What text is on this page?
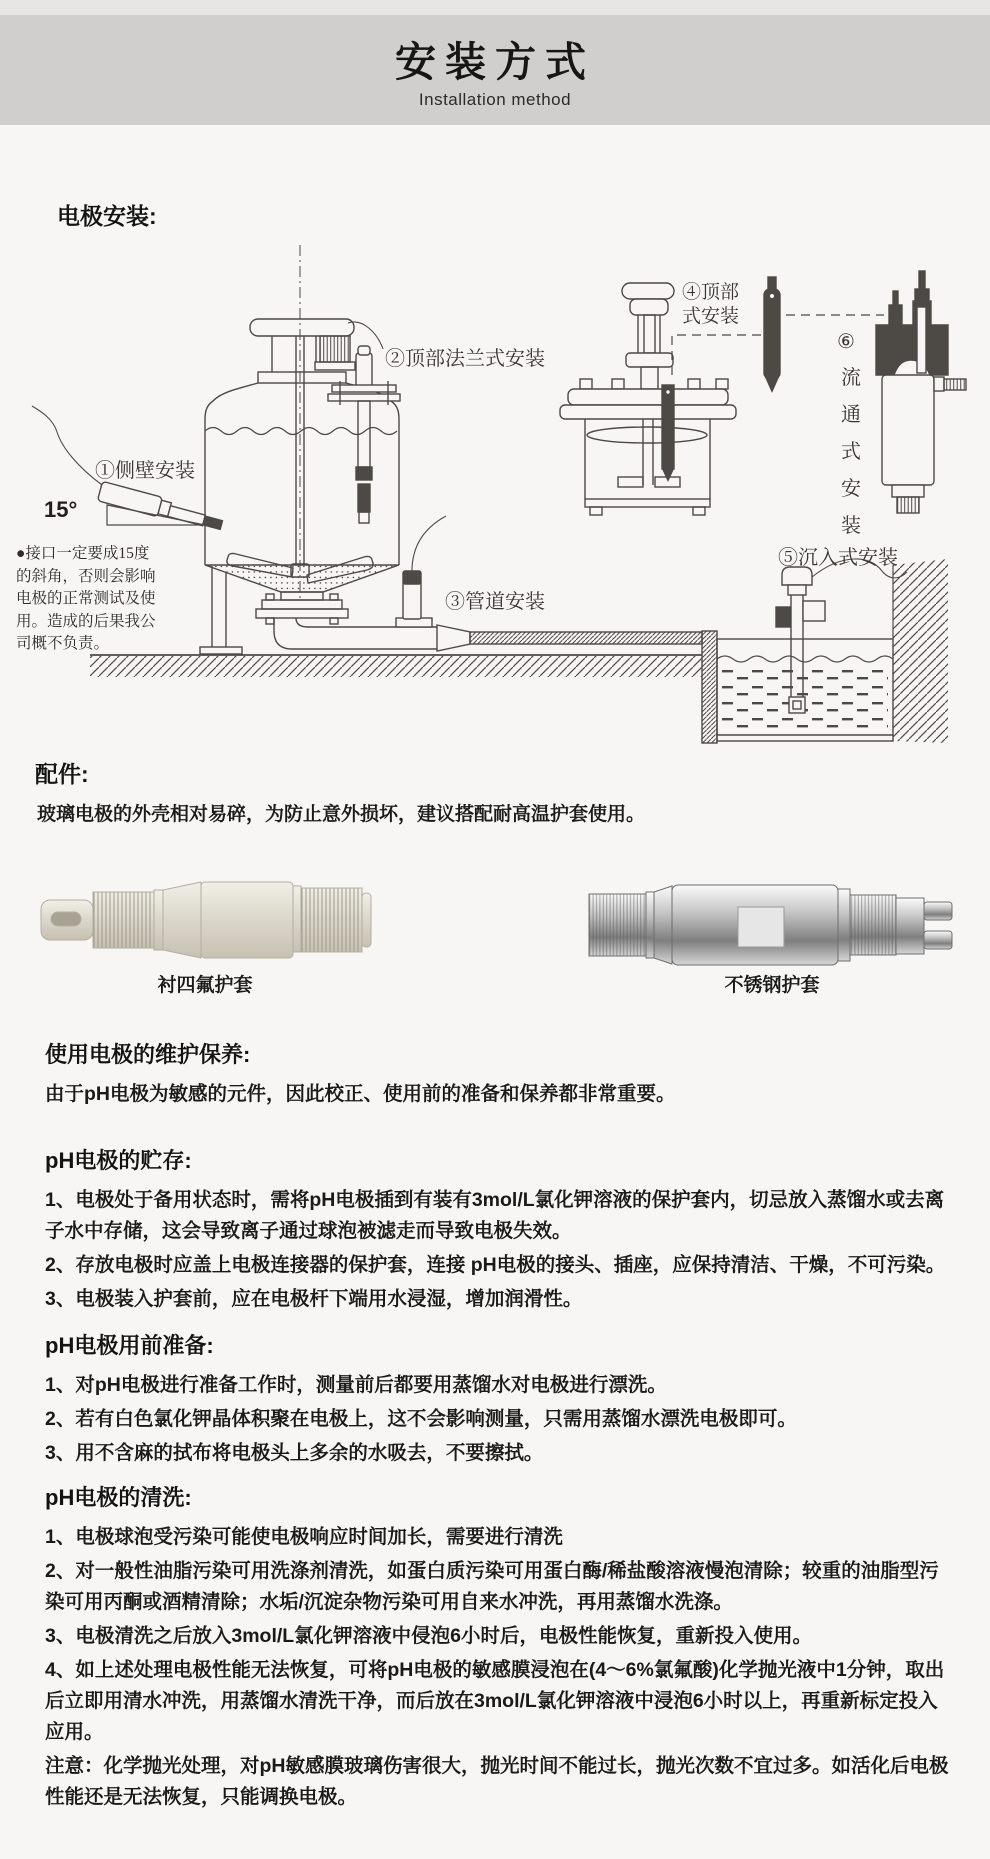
安装方式
Installation method
电极安装:
①侧壁安装
15°
②顶部法兰式安装
③管道安装
④顶部
式安装
⑤沉入式安装
⑥
流
通
式
安
装
●接口一定要成15度
的斜角，否则会影响
电极的正常测试及使
用。造成的后果我公
司概不负责。
配件:

玻璃电极的外壳相对易碎，为防止意外损坏，建议搭配耐高温护套使用。

衬四氟护套	不锈钢护套

使用电极的维护保养:

由于pH电极为敏感的元件，因此校正、使用前的准备和保养都非常重要。

pH电极的贮存:

1、电极处于备用状态时，需将pH电极插到有装有3mol/L氯化钾溶液的保护套内，切忌放入蒸馏水或去离子水中存储，这会导致离子通过球泡被滤走而导致电极失效。

2、存放电极时应盖上电极连接器的保护套，连接 pH电极的接头、插座，应保持清洁、干燥，不可污染。

3、电极装入护套前，应在电极杆下端用水浸湿，增加润滑性。

pH电极用前准备:

1、对pH电极进行准备工作时，测量前后都要用蒸馏水对电极进行漂洗。

2、若有白色氯化钾晶体积聚在电极上，这不会影响测量，只需用蒸馏水漂洗电极即可。

3、用不含麻的拭布将电极头上多余的水吸去，不要擦拭。

pH电极的清洗:

1、电极球泡受污染可能使电极响应时间加长，需要进行清洗

2、对一般性油脂污染可用洗涤剂清洗，如蛋白质污染可用蛋白酶/稀盐酸溶液慢泡清除；较重的油脂型污染可用丙酮或酒精清除；水垢/沉淀杂物污染可用自来水冲洗，再用蒸馏水洗涤。

3、电极清洗之后放入3mol/L氯化钾溶液中侵泡6小时后，电极性能恢复，重新投入使用。

4、如上述处理电极性能无法恢复，可将pH电极的敏感膜浸泡在(4～6%氯氟酸)化学抛光液中1分钟，取出后立即用清水冲洗，用蒸馏水清洗干净，而后放在3mol/L氯化钾溶液中浸泡6小时以上，再重新标定投入应用。

注意：化学抛光处理，对pH敏感膜玻璃伤害很大，抛光时间不能过长，抛光次数不宜过多。如活化后电极性能还是无法恢复，只能调换电极。
